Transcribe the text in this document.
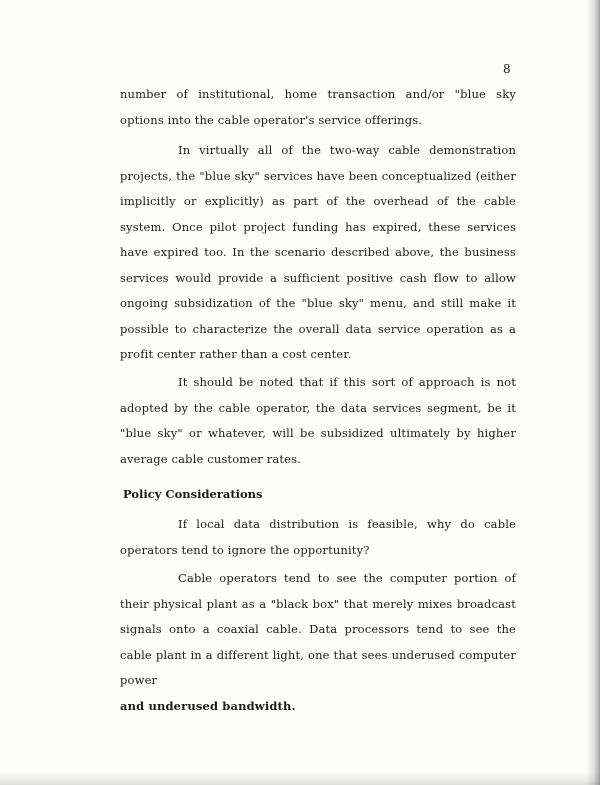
8

number of institutional, home transaction and/or "blue sky options into the cable operator's service offerings.

In virtually all of the two-way cable demonstration projects, the "blue sky" services have been conceptualized (either implicitly or explicitly) as part of the overhead of the cable system. Once pilot project funding has expired, these services have expired too. In the scenario described above, the business services would provide a sufficient positive cash flow to allow ongoing subsidization of the "blue sky" menu, and still make it possible to characterize the overall data service operation as a profit center rather than a cost center.

It should be noted that if this sort of approach is not adopted by the cable operator, the data services segment, be it "blue sky" or whatever, will be subsidized ultimately by higher average cable customer rates.

Policy Considerations

If local data distribution is feasible, why do cable operators tend to ignore the opportunity?

Cable operators tend to see the computer portion of their physical plant as a "black box" that merely mixes broadcast signals onto a coaxial cable. Data processors tend to see the cable plant in a different light, one that sees underused computer power

and underused bandwidth.
